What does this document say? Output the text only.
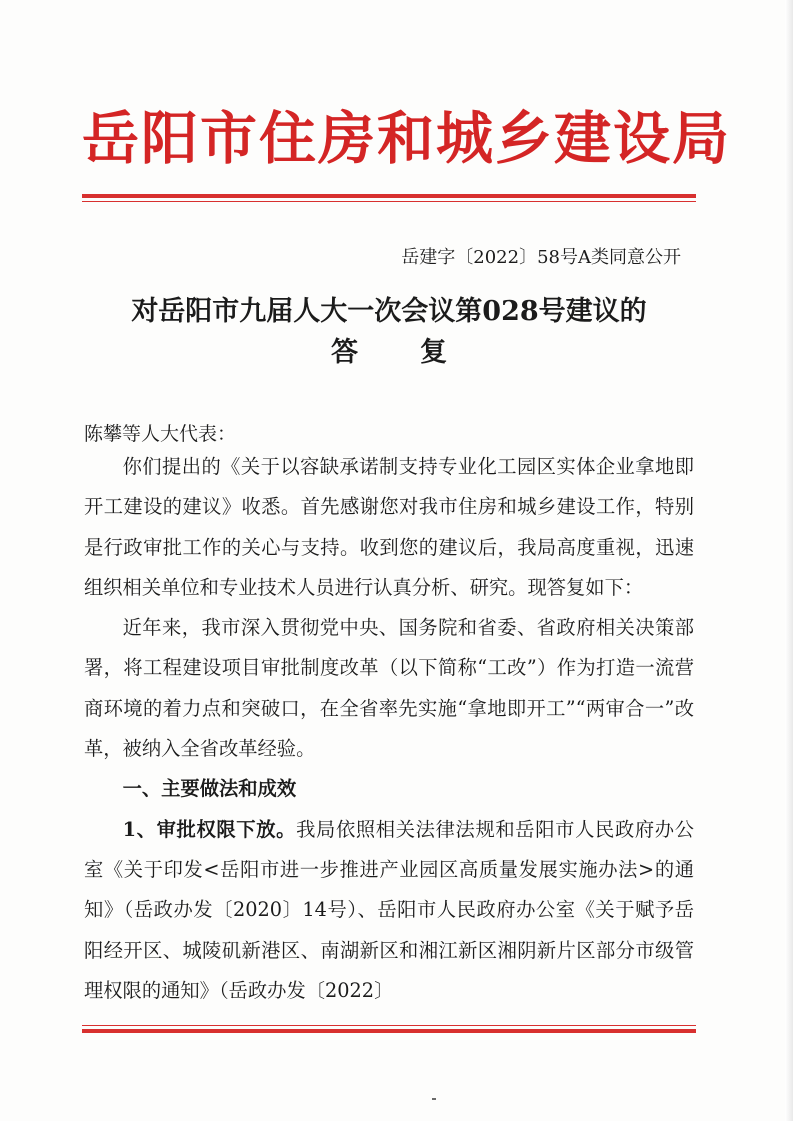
岳阳市住房和城乡建设局
岳建字〔2022〕58号A类同意公开
对岳阳市九届人大一次会议第028号建议的
答复
陈攀等人大代表：

你们提出的《关于以容缺承诺制支持专业化工园区实体企业拿地即开工建设的建议》收悉。首先感谢您对我市住房和城乡建设工作，特别是行政审批工作的关心与支持。收到您的建议后，我局高度重视，迅速组织相关单位和专业技术人员进行认真分析、研究。现答复如下：

近年来，我市深入贯彻党中央、国务院和省委、省政府相关决策部署，将工程建设项目审批制度改革（以下简称“工改”）作为打造一流营商环境的着力点和突破口，在全省率先实施“拿地即开工”“两审合一”改革，被纳入全省改革经验。

一、主要做法和成效

1、审批权限下放。我局依照相关法律法规和岳阳市人民政府办公室《关于印发<岳阳市进一步推进产业园区高质量发展实施办法>的通知》（岳政办发〔2020〕14号）、岳阳市人民政府办公室《关于赋予岳阳经开区、城陵矶新港区、南湖新区和湘江新区湘阴新片区部分市级管理权限的通知》（岳政办发〔2022〕
